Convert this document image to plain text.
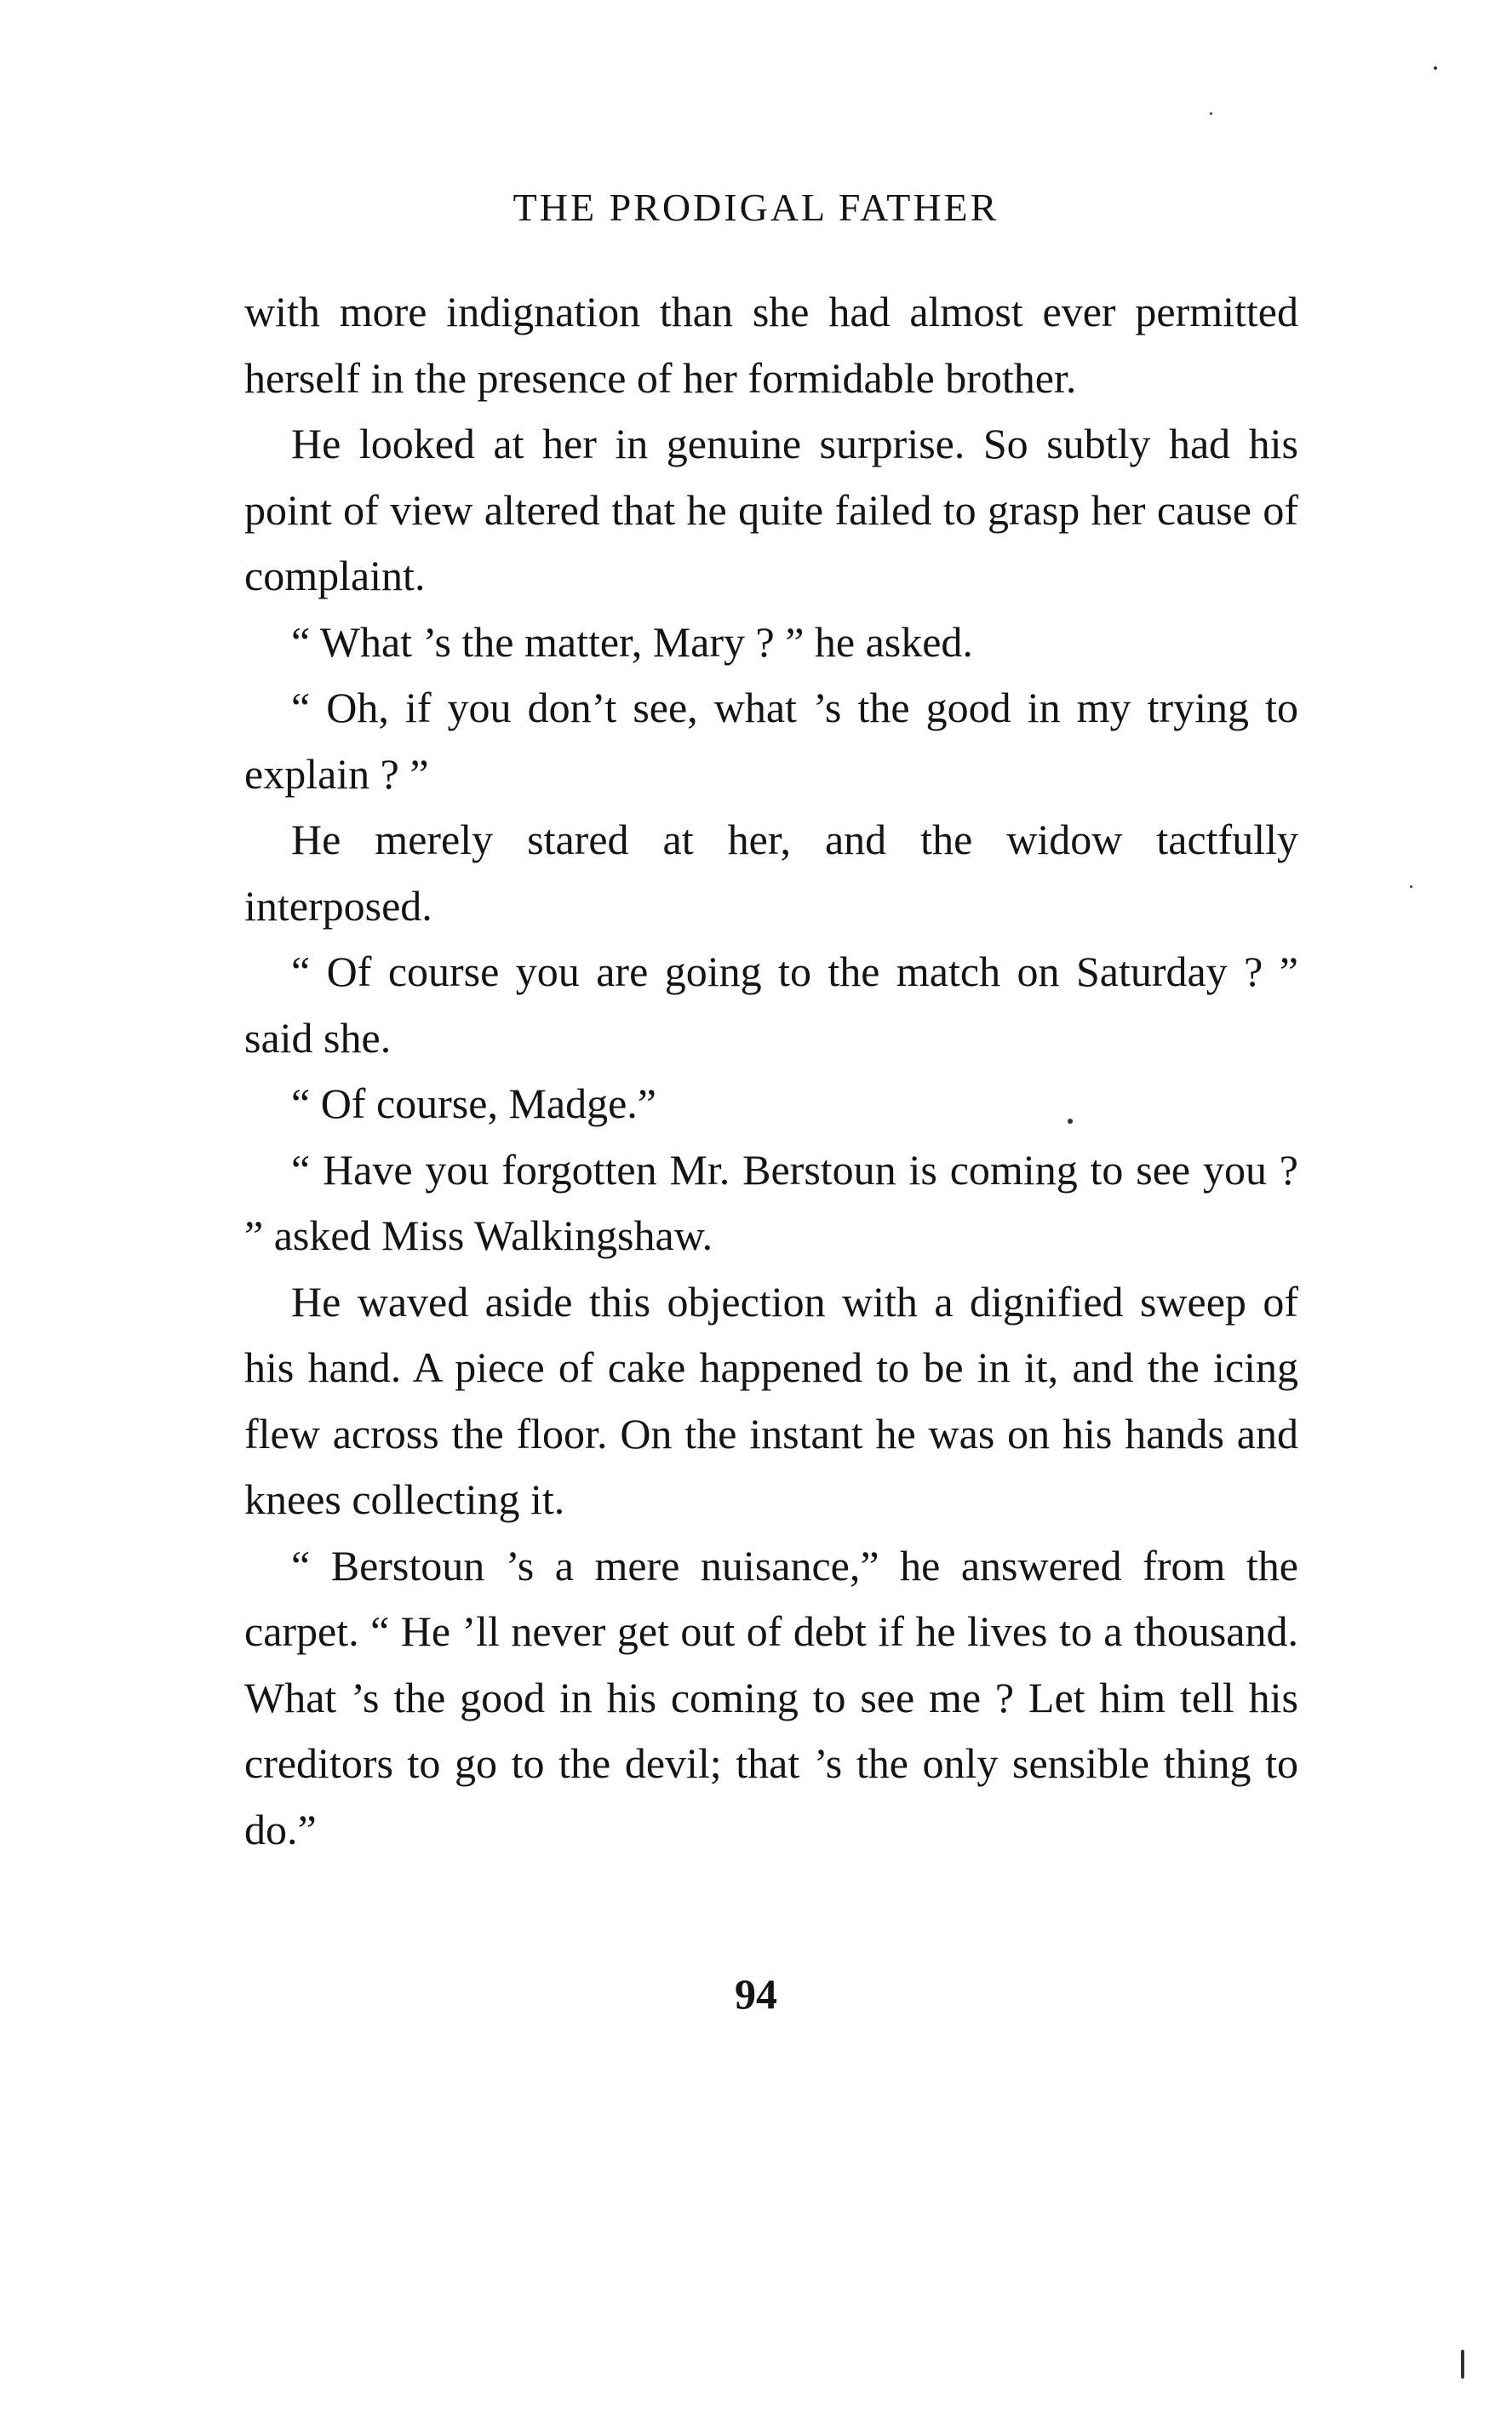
THE PRODIGAL FATHER

with more indignation than she had almost ever permitted herself in the presence of her formidable brother.

He looked at her in genuine surprise. So subtly had his point of view altered that he quite failed to grasp her cause of complaint.

“ What ’s the matter, Mary ? ” he asked.

“ Oh, if you don’t see, what ’s the good in my trying to explain ? ”

He merely stared at her, and the widow tactfully interposed.

“ Of course you are going to the match on Saturday ? ” said she.

“ Of course, Madge.”

“ Have you forgotten Mr. Berstoun is coming to see you ? ” asked Miss Walkingshaw.

He waved aside this objection with a dignified sweep of his hand. A piece of cake happened to be in it, and the icing flew across the floor. On the instant he was on his hands and knees collecting it.

“ Berstoun ’s a mere nuisance,” he answered from the carpet. “ He ’ll never get out of debt if he lives to a thousand. What ’s the good in his coming to see me ? Let him tell his creditors to go to the devil; that ’s the only sensible thing to do.”

94
